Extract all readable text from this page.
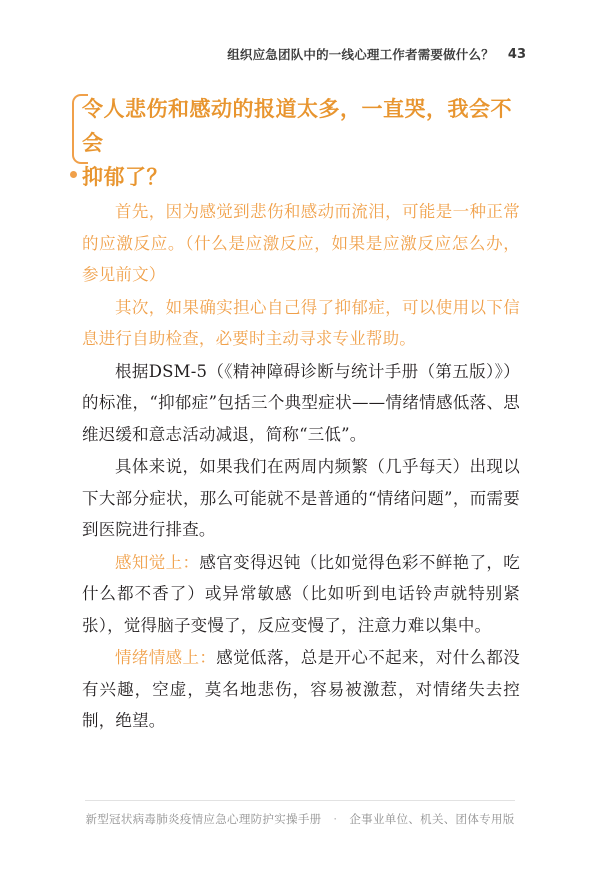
组织应急团队中的一线心理工作者需要做什么？ 43
令人悲伤和感动的报道太多，一直哭，我会不会
抑郁了？

首先，因为感觉到悲伤和感动而流泪，可能是一种正常的应激反应。（什么是应激反应，如果是应激反应怎么办，参见前文）

其次，如果确实担心自己得了抑郁症，可以使用以下信息进行自助检查，必要时主动寻求专业帮助。

根据DSM-5（《精神障碍诊断与统计手册（第五版）》）的标准，“抑郁症”包括三个典型症状——情绪情感低落、思维迟缓和意志活动减退，简称“三低”。

具体来说，如果我们在两周内频繁（几乎每天）出现以下大部分症状，那么可能就不是普通的“情绪问题”，而需要到医院进行排查。

感知觉上：感官变得迟钝（比如觉得色彩不鲜艳了，吃什么都不香了）或异常敏感（比如听到电话铃声就特别紧张），觉得脑子变慢了，反应变慢了，注意力难以集中。

情绪情感上：感觉低落，总是开心不起来，对什么都没有兴趣，空虚，莫名地悲伤，容易被激惹，对情绪失去控制，绝望。

新型冠状病毒肺炎疫情应急心理防护实操手册 · 企事业单位、机关、团体专用版
